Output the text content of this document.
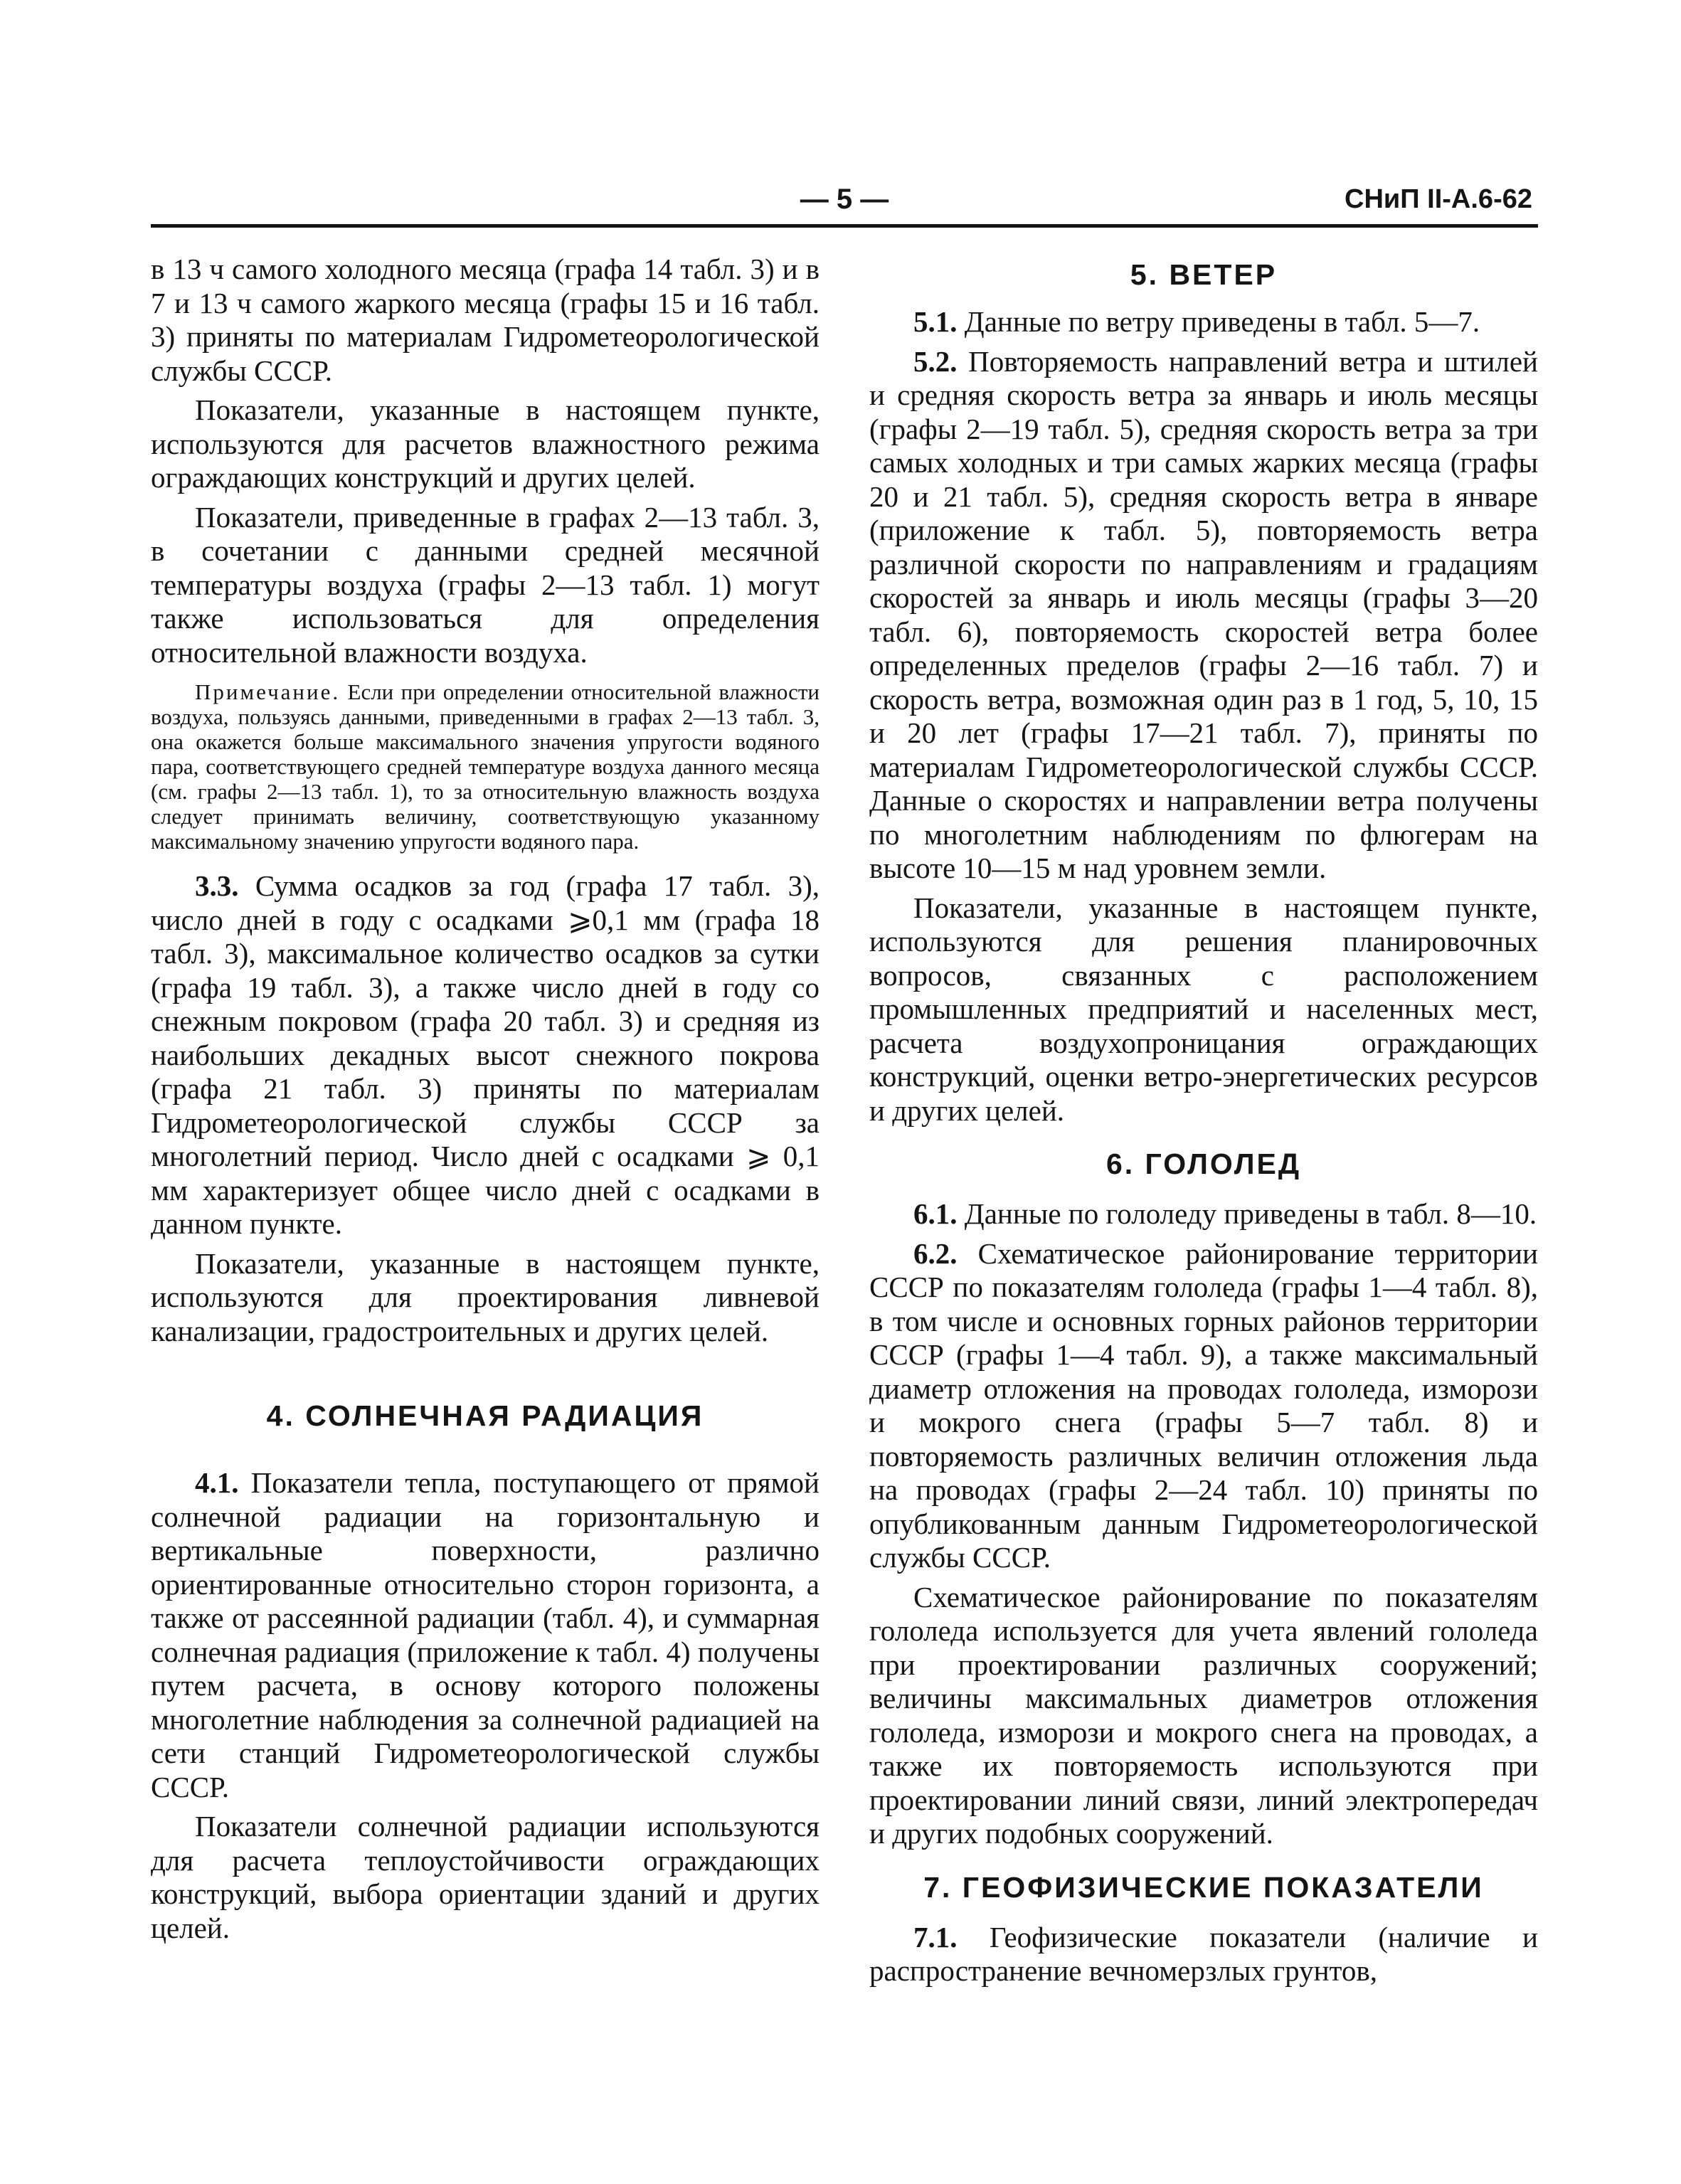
— 5 —	СНиП II-А.6-62

в 13 ч самого холодного месяца (графа 14 табл. 3) и в 7 и 13 ч самого жаркого месяца (графы 15 и 16 табл. 3) приняты по материалам Гидрометеорологической службы СССР.

Показатели, указанные в настоящем пункте, используются для расчетов влажностного режима ограждающих конструкций и других целей.

Показатели, приведенные в графах 2—13 табл. 3, в сочетании с данными средней месячной температуры воздуха (графы 2—13 табл. 1) могут также использоваться для определения относительной влажности воздуха.

Примечание. Если при определении относительной влажности воздуха, пользуясь данными, приведенными в графах 2—13 табл. 3, она окажется больше максимального значения упругости водяного пара, соответствующего средней температуре воздуха данного месяца (см. графы 2—13 табл. 1), то за относительную влажность воздуха следует принимать величину, соответствующую указанному максимальному значению упругости водяного пара.

3.3. Сумма осадков за год (графа 17 табл. 3), число дней в году с осадками ⩾0,1 мм (графа 18 табл. 3), максимальное количество осадков за сутки (графа 19 табл. 3), а также число дней в году со снежным покровом (графа 20 табл. 3) и средняя из наибольших декадных высот снежного покрова (графа 21 табл. 3) приняты по материалам Гидрометеорологической службы СССР за многолетний период. Число дней с осадками ⩾ 0,1 мм характеризует общее число дней с осадками в данном пункте.

Показатели, указанные в настоящем пункте, используются для проектирования ливневой канализации, градостроительных и других целей.

4. СОЛНЕЧНАЯ РАДИАЦИЯ

4.1. Показатели тепла, поступающего от прямой солнечной радиации на горизонтальную и вертикальные поверхности, различно ориентированные относительно сторон горизонта, а также от рассеянной радиации (табл. 4), и суммарная солнечная радиация (приложение к табл. 4) получены путем расчета, в основу которого положены многолетние наблюдения за солнечной радиацией на сети станций Гидрометеорологической службы СССР.

Показатели солнечной радиации используются для расчета теплоустойчивости ограждающих конструкций, выбора ориентации зданий и других целей.

5. ВЕТЕР

5.1. Данные по ветру приведены в табл. 5—7.

5.2. Повторяемость направлений ветра и штилей и средняя скорость ветра за январь и июль месяцы (графы 2—19 табл. 5), средняя скорость ветра за три самых холодных и три самых жарких месяца (графы 20 и 21 табл. 5), средняя скорость ветра в январе (приложение к табл. 5), повторяемость ветра различной скорости по направлениям и градациям скоростей за январь и июль месяцы (графы 3—20 табл. 6), повторяемость скоростей ветра более определенных пределов (графы 2—16 табл. 7) и скорость ветра, возможная один раз в 1 год, 5, 10, 15 и 20 лет (графы 17—21 табл. 7), приняты по материалам Гидрометеорологической службы СССР. Данные о скоростях и направлении ветра получены по многолетним наблюдениям по флюгерам на высоте 10—15 м над уровнем земли.

Показатели, указанные в настоящем пункте, используются для решения планировочных вопросов, связанных с расположением промышленных предприятий и населенных мест, расчета воздухопроницания ограждающих конструкций, оценки ветро-энергетических ресурсов и других целей.

6. ГОЛОЛЕД

6.1. Данные по гололеду приведены в табл. 8—10.

6.2. Схематическое районирование территории СССР по показателям гололеда (графы 1—4 табл. 8), в том числе и основных горных районов территории СССР (графы 1—4 табл. 9), а также максимальный диаметр отложения на проводах гололеда, изморози и мокрого снега (графы 5—7 табл. 8) и повторяемость различных величин отложения льда на проводах (графы 2—24 табл. 10) приняты по опубликованным данным Гидрометеорологической службы СССР.

Схематическое районирование по показателям гололеда используется для учета явлений гололеда при проектировании различных сооружений; величины максимальных диаметров отложения гололеда, изморози и мокрого снега на проводах, а также их повторяемость используются при проектировании линий связи, линий электропередач и других подобных сооружений.

7. ГЕОФИЗИЧЕСКИЕ ПОКАЗАТЕЛИ

7.1. Геофизические показатели (наличие и распространение вечномерзлых грунтов,
